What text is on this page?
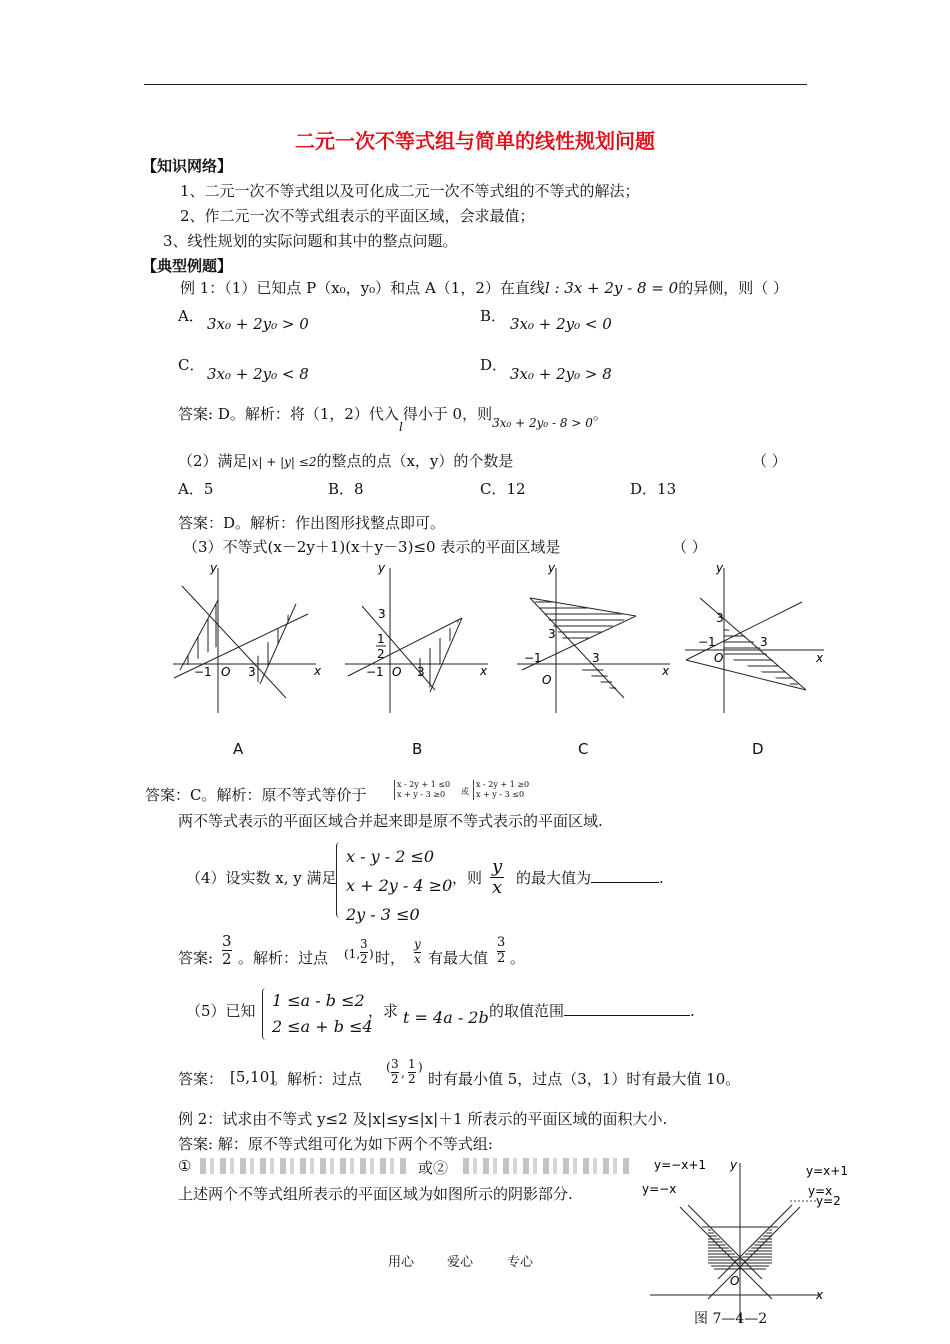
二元一次不等式组与简单的线性规划问题
【知识网络】
1、二元一次不等式组以及可化成二元一次不等式组的不等式的解法；
2、作二元一次不等式组表示的平面区域，会求最值；
3、线性规划的实际问题和其中的整点问题。
【典型例题】
例 1：（1）已知点 P（x₀，y₀）和点 A（1，2）在直线l : 3x + 2y - 8 = 0的异侧，则（ ）
A． 3x₀ + 2y₀ > 0	B． 3x₀ + 2y₀ < 0
C． 3x₀ + 2y₀ < 8	D． 3x₀ + 2y₀ > 8
答案: D。解析：将（1，2）代入$_l$得小于 0，则$_{3x_0 + 2y_0 - 8 > 0}$。
（2）满足|x| + |y| ≤2的整点的点（x，y）的个数是	（ ）
A．5	B．8	C．12	D．13
答案：D。解析：作出图形找整点即可。
（3）不等式(x－2y＋1)(x＋y－3)≤0 表示的平面区域是	（ ）
y
x
−1 O 3
A
y
x
3
1
2
−1 O 3
B
y
x
3
−1
O
3
C
y
x
3
−1
O
3
D
答案：C。解析：原不等式等价于
x - 2y + 1 ≤0
x + y - 3 ≥0	或
x - 2y + 1 ≥0
x + y - 3 ≤0
两不等式表示的平面区域合并起来即是原不等式表示的平面区域.
（4）设实数 x, y 满足
x - y - 2 ≤0
x + 2y - 4 ≥0
2y - 3 ≤0
，则 $\frac{y}{x}$ 的最大值为	.
答案: $\frac{3}{2}$ 。解析：过点 (1, $\frac{3}{2}$ ) 时， $\frac{y}{x}$ 有最大值 $\frac{3}{2}$ 。
（5）已知
1 ≤a - b ≤2
2 ≤a + b ≤4
，求 t = 4a - 2b 的取值范围	.
答案： [5,10]
。解析：过点
( $\frac{3}{2}$ , $\frac{1}{2}$ )
时有最小值 5，过点（3，1）时有最大值 10。
例 2：试求由不等式 y≤2 及|x|≤y≤|x|＋1 所表示的平面区域的面积大小.
答案: 解：原不等式组可化为如下两个不等式组:
①	或②
上述两个不等式组所表示的平面区域为如图所示的阴影部分.
y=−x+1 y	y=x+1
y=−x	y=x
y=2
O
x
图 7—4—2
用心	爱心	专心
